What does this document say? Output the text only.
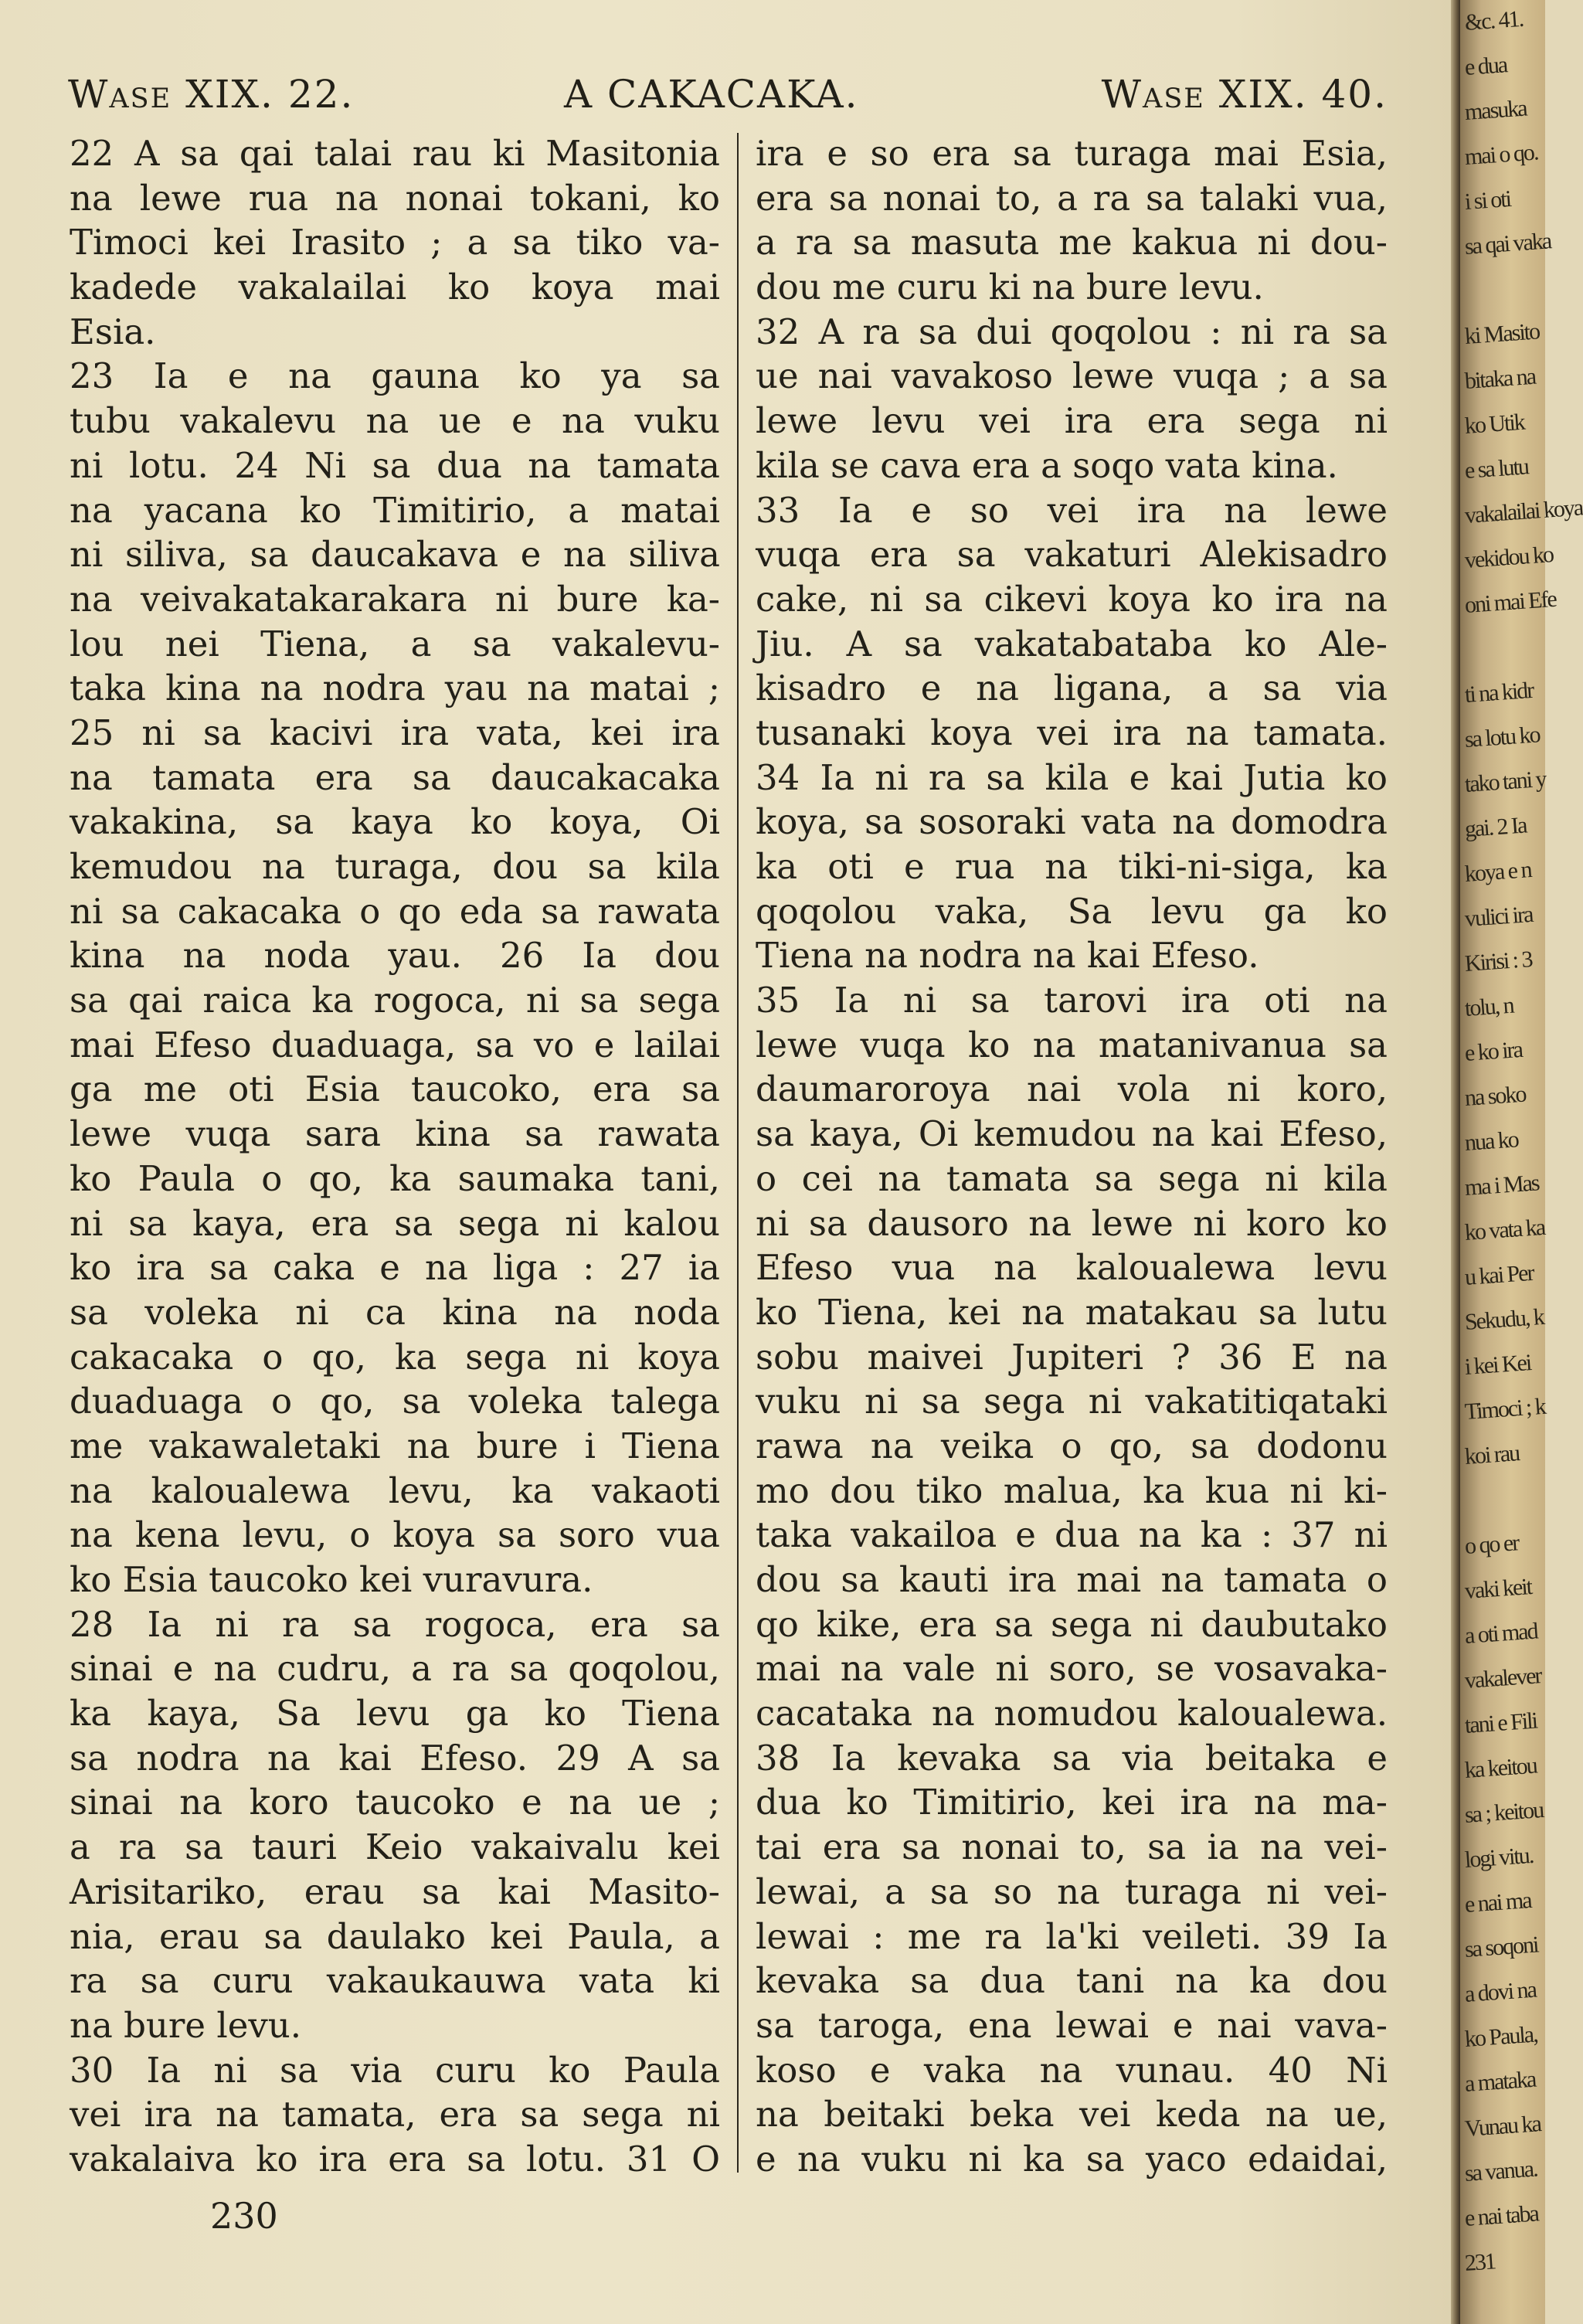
Wase XIX. 22.	A CAKACAKA.	Wase XIX. 40.
22 A sa qai talai rau ki Masitonia
na lewe rua na nonai tokani, ko
Timoci kei Irasito ; a sa tiko va-
kadede vakalailai ko koya mai
Esia.
23 Ia e na gauna ko ya sa
tubu vakalevu na ue e na vuku
ni lotu. 24 Ni sa dua na tamata
na yacana ko Timitirio, a matai
ni siliva, sa daucakava e na siliva
na veivakatakarakara ni bure ka-
lou nei Tiena, a sa vakalevu-
taka kina na nodra yau na matai ;
25 ni sa kacivi ira vata, kei ira
na tamata era sa daucakacaka
vakakina, sa kaya ko koya, Oi
kemudou na turaga, dou sa kila
ni sa cakacaka o qo eda sa rawata
kina na noda yau. 26 Ia dou
sa qai raica ka rogoca, ni sa sega
mai Efeso duaduaga, sa vo e lailai
ga me oti Esia taucoko, era sa
lewe vuqa sara kina sa rawata
ko Paula o qo, ka saumaka tani,
ni sa kaya, era sa sega ni kalou
ko ira sa caka e na liga : 27 ia
sa voleka ni ca kina na noda
cakacaka o qo, ka sega ni koya
duaduaga o qo, sa voleka talega
me vakawaletaki na bure i Tiena
na kaloualewa levu, ka vakaoti
na kena levu, o koya sa soro vua
ko Esia taucoko kei vuravura.
28 Ia ni ra sa rogoca, era sa
sinai e na cudru, a ra sa qoqolou,
ka kaya, Sa levu ga ko Tiena
sa nodra na kai Efeso. 29 A sa
sinai na koro taucoko e na ue ;
a ra sa tauri Keio vakaivalu kei
Arisitariko, erau sa kai Masito-
nia, erau sa daulako kei Paula, a
ra sa curu vakaukauwa vata ki
na bure levu.
30 Ia ni sa via curu ko Paula
vei ira na tamata, era sa sega ni
vakalaiva ko ira era sa lotu. 31 O
ira e so era sa turaga mai Esia,
era sa nonai to, a ra sa talaki vua,
a ra sa masuta me kakua ni dou-
dou me curu ki na bure levu.
32 A ra sa dui qoqolou : ni ra sa
ue nai vavakoso lewe vuqa ; a sa
lewe levu vei ira era sega ni
kila se cava era a soqo vata kina.
33 Ia e so vei ira na lewe
vuqa era sa vakaturi Alekisadro
cake, ni sa cikevi koya ko ira na
Jiu. A sa vakatabataba ko Ale-
kisadro e na ligana, a sa via
tusanaki koya vei ira na tamata.
34 Ia ni ra sa kila e kai Jutia ko
koya, sa sosoraki vata na domodra
ka oti e rua na tiki-ni-siga, ka
qoqolou vaka, Sa levu ga ko
Tiena na nodra na kai Efeso.
35 Ia ni sa tarovi ira oti na
lewe vuqa ko na matanivanua sa
daumaroroya nai vola ni koro,
sa kaya, Oi kemudou na kai Efeso,
o cei na tamata sa sega ni kila
ni sa dausoro na lewe ni koro ko
Efeso vua na kaloualewa levu
ko Tiena, kei na matakau sa lutu
sobu maivei Jupiteri ? 36 E na
vuku ni sa sega ni vakatitiqataki
rawa na veika o qo, sa dodonu
mo dou tiko malua, ka kua ni ki-
taka vakailoa e dua na ka : 37 ni
dou sa kauti ira mai na tamata o
qo kike, era sa sega ni daubutako
mai na vale ni soro, se vosavaka-
cacataka na nomudou kaloualewa.
38 Ia kevaka sa via beitaka e
dua ko Timitirio, kei ira na ma-
tai era sa nonai to, sa ia na vei-
lewai, a sa so na turaga ni vei-
lewai : me ra la'ki veileti. 39 Ia
kevaka sa dua tani na ka dou
sa taroga, ena lewai e nai vava-
koso e vaka na vunau. 40 Ni
na beitaki beka vei keda na ue,
e na vuku ni ka sa yaco edaidai,
230
&c. 41.
e dua
masuka
mai o qo.
i si oti
sa qai vaka
ki Masito
bitaka na
ko Utik
e sa lutu
vakalailai koya
vekidou ko
oni mai Efe
ti na kidr
sa lotu ko
tako tani y
gai. 2 Ia
koya e n
vulici ira
Kirisi : 3
tolu, n
e ko ira
na soko
nua ko
ma i Mas
ko vata ka
u kai Per
Sekudu, k
i kei Kei
Timoci ; k
koi rau
o qo er
vaki keit
a oti mad
vakalever
tani e Fili
ka keitou
sa ; keitou
logi vitu.
e nai ma
sa soqoni
a dovi na
ko Paula,
a mataka
Vunau ka
sa vanua.
e nai taba
231
